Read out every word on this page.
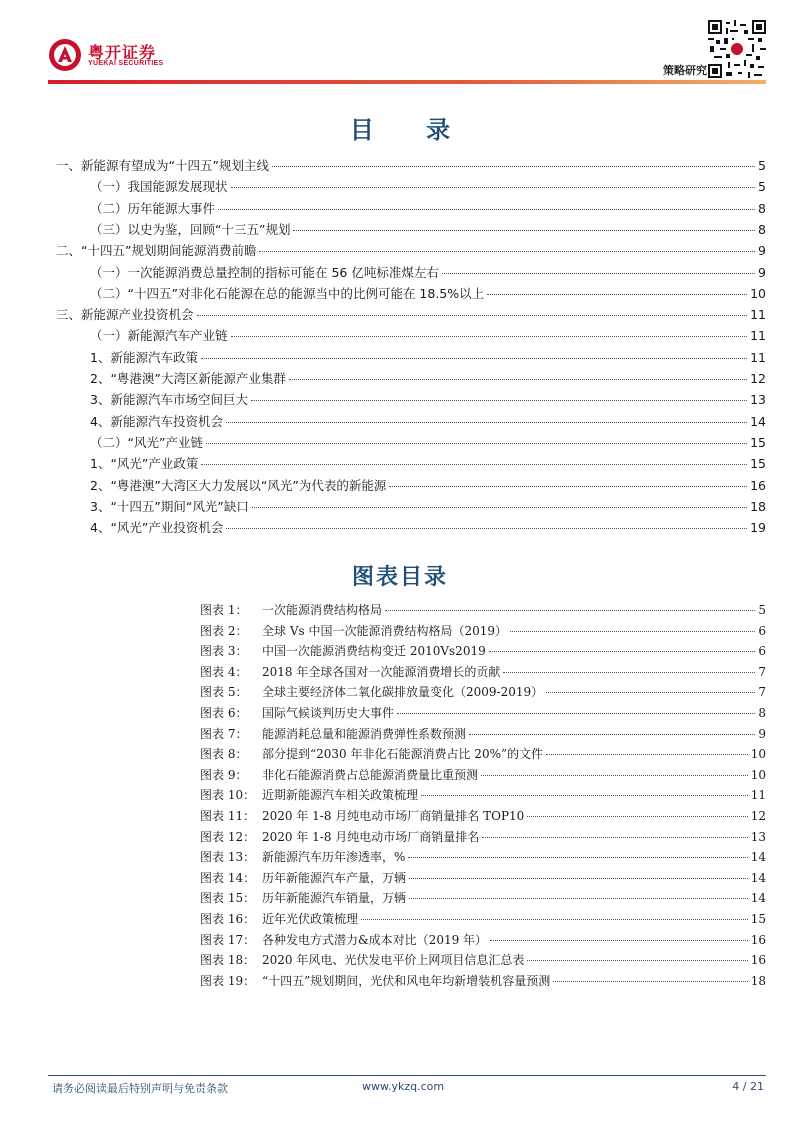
粤开证券
YUEKAI SECURITIES
策略研究
目 录
一、新能源有望成为“十四五”规划主线	5
（一）我国能源发展现状	5
（二）历年能源大事件	8
（三）以史为鉴，回顾“十三五”规划	8
二、“十四五”规划期间能源消费前瞻	9
（一）一次能源消费总量控制的指标可能在 56 亿吨标准煤左右	9
（二）“十四五”对非化石能源在总的能源当中的比例可能在 18.5%以上	10
三、新能源产业投资机会	11
（一）新能源汽车产业链	11
1、新能源汽车政策	11
2、“粤港澳”大湾区新能源产业集群	12
3、新能源汽车市场空间巨大	13
4、新能源汽车投资机会	14
（二）“风光”产业链	15
1、“风光”产业政策	15
2、“粤港澳”大湾区大力发展以“风光”为代表的新能源	16
3、“十四五”期间“风光”缺口	18
4、“风光”产业投资机会	19
图表目录
图表 1：	一次能源消费结构格局	5
图表 2：	全球 Vs 中国一次能源消费结构格局（2019）	6
图表 3：	中国一次能源消费结构变迁 2010Vs2019	6
图表 4：	2018 年全球各国对一次能源消费增长的贡献	7
图表 5：	全球主要经济体二氧化碳排放量变化（2009-2019）	7
图表 6：	国际气候谈判历史大事件	8
图表 7：	能源消耗总量和能源消费弹性系数预测	9
图表 8：	部分提到“2030 年非化石能源消费占比 20%”的文件	10
图表 9：	非化石能源消费占总能源消费量比重预测	10
图表 10： 近期新能源汽车相关政策梳理	11
图表 11： 2020 年 1-8 月纯电动市场厂商销量排名 TOP10	12
图表 12： 2020 年 1-8 月纯电动市场厂商销量排名	13
图表 13： 新能源汽车历年渗透率，%	14
图表 14： 历年新能源汽车产量，万辆	14
图表 15： 历年新能源汽车销量，万辆	14
图表 16： 近年光伏政策梳理	15
图表 17： 各种发电方式潜力&成本对比（2019 年）	16
图表 18： 2020 年风电、光伏发电平价上网项目信息汇总表	16
图表 19： “十四五”规划期间，光伏和风电年均新增装机容量预测	18
请务必阅读最后特别声明与免责条款	www.ykzq.com	4 / 21
